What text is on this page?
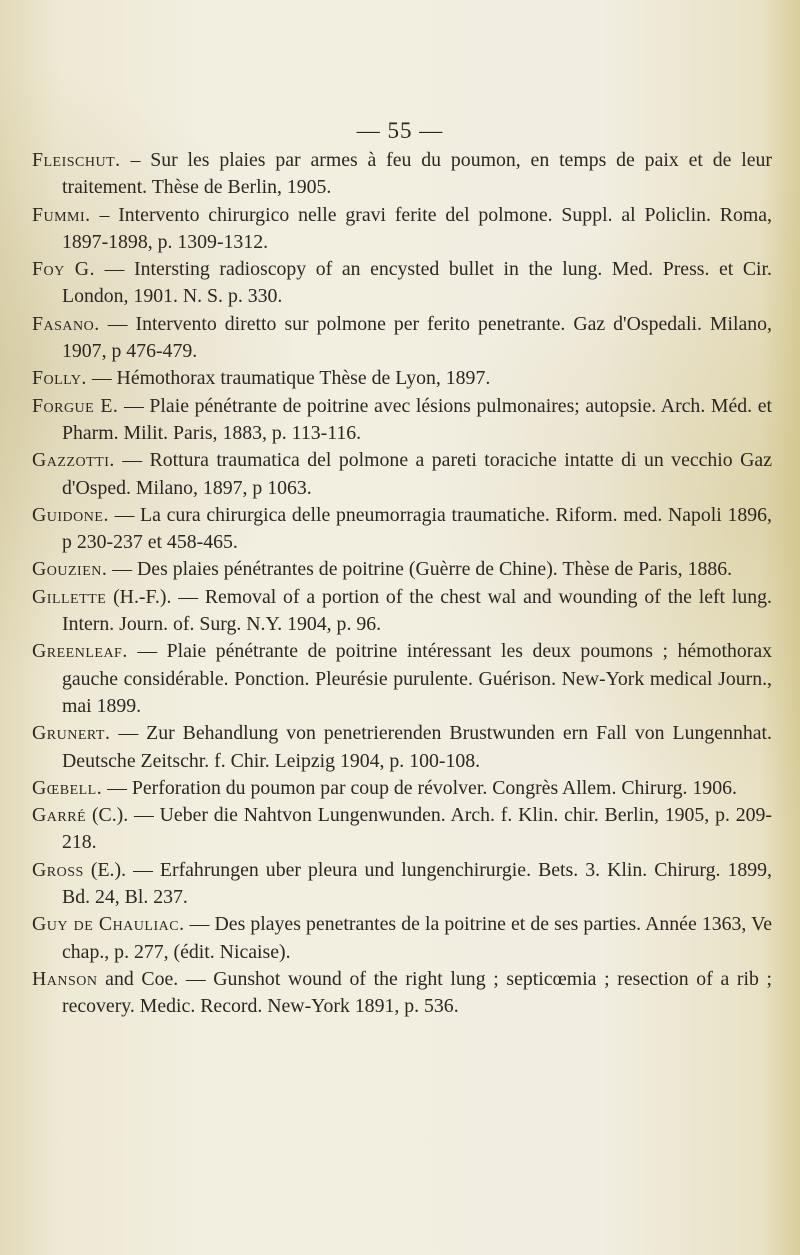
— 55 —

Fleischut. – Sur les plaies par armes à feu du poumon, en temps de paix et de leur traitement. Thèse de Berlin, 1905.

Fummi. – Intervento chirurgico nelle gravi ferite del polmone. Suppl. al Policlin. Roma, 1897-1898, p. 1309-1312.

Foy G. — Intersting radioscopy of an encysted bullet in the lung. Med. Press. et Cir. London, 1901. N. S. p. 330.

Fasano. — Intervento diretto sur polmone per ferito penetrante. Gaz d'Ospedali. Milano, 1907, p 476-479.

Folly. — Hémothorax traumatique Thèse de Lyon, 1897.

Forgue E. — Plaie pénétrante de poitrine avec lésions pulmonaires; autopsie. Arch. Méd. et Pharm. Milit. Paris, 1883, p. 113-116.

Gazzotti. — Rottura traumatica del polmone a pareti toraciche intatte di un vecchio Gaz d'Osped. Milano, 1897, p 1063.

Guidone. — La cura chirurgica delle pneumorragia traumatiche. Riform. med. Napoli 1896, p 230-237 et 458-465.

Gouzien. — Des plaies pénétrantes de poitrine (Guèrre de Chine). Thèse de Paris, 1886.

Gillette (H.-F.). — Removal of a portion of the chest wal and wounding of the left lung. Intern. Journ. of. Surg. N.Y. 1904, p. 96.

Greenleaf. — Plaie pénétrante de poitrine intéressant les deux poumons ; hémothorax gauche considérable. Ponction. Pleurésie purulente. Guérison. New-York medical Journ., mai 1899.

Grunert. — Zur Behandlung von penetrierenden Brustwunden ern Fall von Lungennhat. Deutsche Zeitschr. f. Chir. Leipzig 1904, p. 100-108.

Gœbell. — Perforation du poumon par coup de révolver. Congrès Allem. Chirurg. 1906.

Garré (C.). — Ueber die Nahtvon Lungenwunden. Arch. f. Klin. chir. Berlin, 1905, p. 209-218.

Gross (E.). — Erfahrungen uber pleura und lungenchirurgie. Bets. 3. Klin. Chirurg. 1899, Bd. 24, Bl. 237.

Guy de Chauliac. — Des playes penetrantes de la poitrine et de ses parties. Année 1363, Ve chap., p. 277, (édit. Nicaise).

Hanson and Coe. — Gunshot wound of the right lung ; septicœmia ; resection of a rib ; recovery. Medic. Record. New-York 1891, p. 536.
